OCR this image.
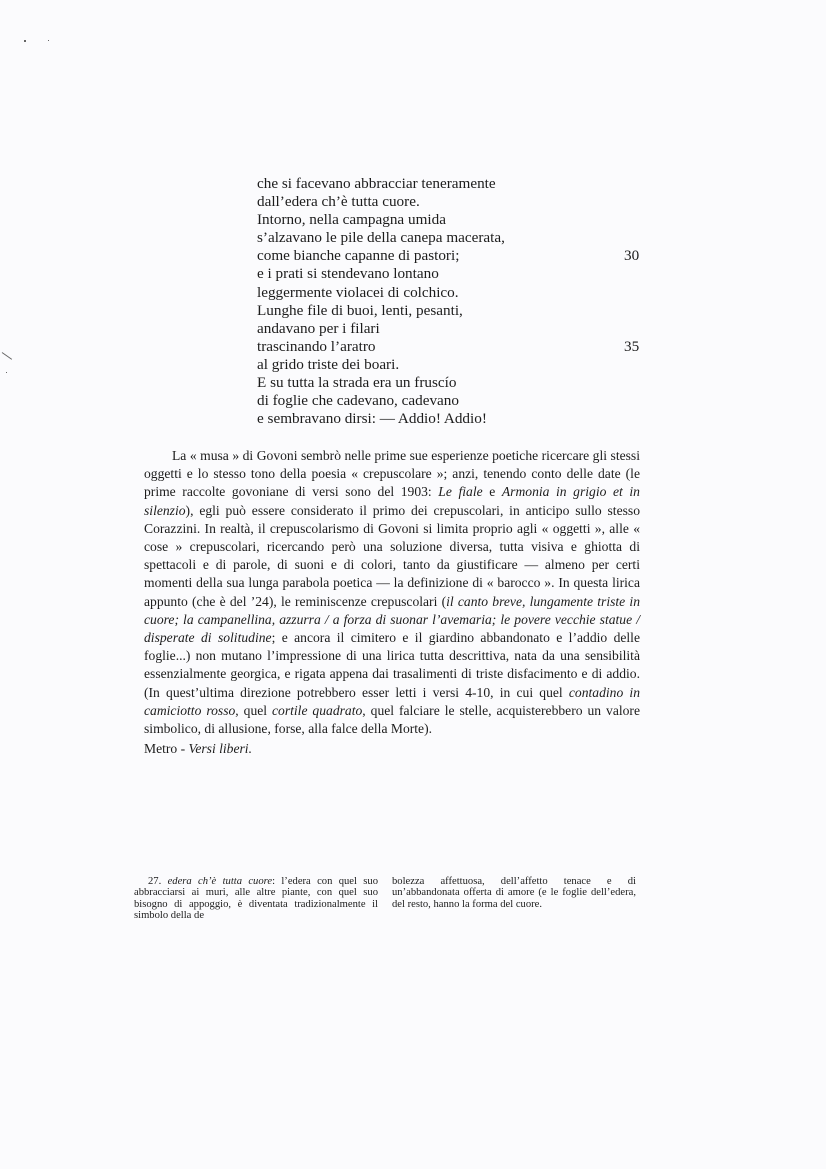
che si facevano abbracciar teneramente
dall’edera ch’è tutta cuore.
Intorno, nella campagna umida
s’alzavano le pile della canepa macerata,
come bianche capanne di pastori;	30
e i prati si stendevano lontano
leggermente violacei di colchico.
Lunghe file di buoi, lenti, pesanti,
andavano per i filari
trascinando l’aratro	35
al grido triste dei boari.
E su tutta la strada era un fruscío
di foglie che cadevano, cadevano
e sembravano dirsi: — Addio! Addio!

La « musa » di Govoni sembrò nelle prime sue esperienze poetiche ricercare gli stessi oggetti e lo stesso tono della poesia « crepuscolare »; anzi, tenendo conto delle date (le prime raccolte govoniane di versi sono del 1903: Le fiale e Armonia in grigio et in silenzio), egli può essere considerato il primo dei crepuscolari, in anticipo sullo stesso Corazzini. In realtà, il crepuscolarismo di Govoni si limita proprio agli « oggetti », alle « cose » crepuscolari, ricercando però una soluzione diversa, tutta visiva e ghiotta di spettacoli e di parole, di suoni e di colori, tanto da giustificare — almeno per certi momenti della sua lunga parabola poetica — la definizione di « barocco ». In questa lirica appunto (che è del ’24), le reminiscenze crepuscolari (il canto breve, lungamente triste in cuore; la campanellina, azzurra / a forza di suonar l’avemaria; le povere vecchie statue / disperate di solitudine; e ancora il cimitero e il giardino abbandonato e l’addio delle foglie...) non mutano l’impressione di una lirica tutta descrittiva, nata da una sensibilità essenzialmente georgica, e rigata appena dai trasalimenti di triste disfacimento e di addio. (In quest’ultima direzione potrebbero esser letti i versi 4-10, in cui quel contadino in camiciotto rosso, quel cortile quadrato, quel falciare le stelle, acquisterebbero un valore simbolico, di allusione, forse, alla falce della Morte).

Metro - Versi liberi.

27. edera ch’è tutta cuore: l’edera con quel suo abbracciarsi ai muri, alle altre piante, con quel suo bisogno di appoggio, è diventata tradizionalmente il simbolo della de
bolezza affettuosa, dell’affetto tenace e di un’abbandonata offerta di amore (e le foglie dell’edera, del resto, hanno la forma del cuore.
